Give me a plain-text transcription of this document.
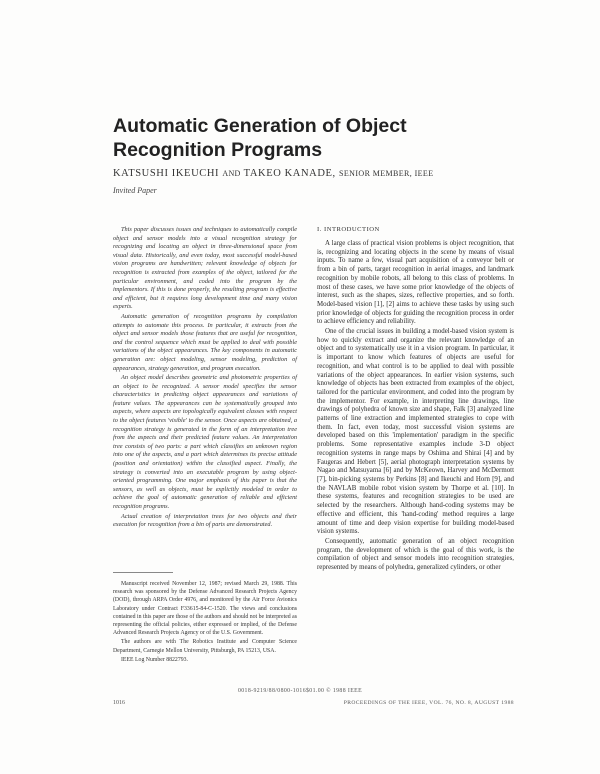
Automatic Generation of Object Recognition Programs
KATSUSHI IKEUCHI AND TAKEO KANADE, SENIOR MEMBER, IEEE
Invited Paper

This paper discusses issues and techniques to automatically compile object and sensor models into a visual recognition strategy for recognizing and locating an object in three-dimensional space from visual data. Historically, and even today, most successful model-based vision programs are handwritten; relevant knowledge of objects for recognition is extracted from examples of the object, tailored for the particular environment, and coded into the program by the implementors. If this is done properly, the resulting program is effective and efficient, but it requires long development time and many vision experts.

Automatic generation of recognition programs by compilation attempts to automate this process. In particular, it extracts from the object and sensor models those features that are useful for recognition, and the control sequence which must be applied to deal with possible variations of the object appearances. The key components in automatic generation are: object modeling, sensor modeling, prediction of appearances, strategy generation, and program execution.

An object model describes geometric and photometric properties of an object to be recognized. A sensor model specifies the sensor characteristics in predicting object appearances and variations of feature values. The appearances can be systematically grouped into aspects, where aspects are topologically equivalent classes with respect to the object features 'visible' to the sensor. Once aspects are obtained, a recognition strategy is generated in the form of an interpretation tree from the aspects and their predicted feature values. An interpretation tree consists of two parts: a part which classifies an unknown region into one of the aspects, and a part which determines its precise attitude (position and orientation) within the classified aspect. Finally, the strategy is converted into an executable program by using object-oriented programming. One major emphasis of this paper is that the sensors, as well as objects, must be explicitly modeled in order to achieve the goal of automatic generation of reliable and efficient recognition programs.

Actual creation of interpretation trees for two objects and their execution for recognition from a bin of parts are demonstrated.

Manuscript received November 12, 1987; revised March 29, 1988. This research was sponsored by the Defense Advanced Research Projects Agency (DOD), through ARPA Order 4976, and monitored by the Air Force Avionics Laboratory under Contract F33615-84-C-1520. The views and conclusions contained in this paper are those of the authors and should not be interpreted as representing the official policies, either expressed or implied, of the Defense Advanced Research Projects Agency or of the U.S. Government.

The authors are with The Robotics Institute and Computer Science Department, Carnegie Mellon University, Pittsburgh, PA 15213, USA.

IEEE Log Number 8822793.

I. INTRODUCTION

A large class of practical vision problems is object recognition, that is, recognizing and locating objects in the scene by means of visual inputs. To name a few, visual part acquisition of a conveyor belt or from a bin of parts, target recognition in aerial images, and landmark recognition by mobile robots, all belong to this class of problems. In most of these cases, we have some prior knowledge of the objects of interest, such as the shapes, sizes, reflective properties, and so forth. Model-based vision [1], [2] aims to achieve these tasks by using such prior knowledge of objects for guiding the recognition process in order to achieve efficiency and reliability.

One of the crucial issues in building a model-based vision system is how to quickly extract and organize the relevant knowledge of an object and to systematically use it in a vision program. In particular, it is important to know which features of objects are useful for recognition, and what control is to be applied to deal with possible variations of the object appearances. In earlier vision systems, such knowledge of objects has been extracted from examples of the object, tailored for the particular environment, and coded into the program by the implementor. For example, in interpreting line drawings, line drawings of polyhedra of known size and shape, Falk [3] analyzed line patterns of line extraction and implemented strategies to cope with them. In fact, even today, most successful vision systems are developed based on this 'implementation' paradigm in the specific problems. Some representative examples include 3-D object recognition systems in range maps by Oshima and Shirai [4] and by Faugeras and Hebert [5], aerial photograph interpretation systems by Nagao and Matsuyama [6] and by McKeown, Harvey and McDermott [7], bin-picking systems by Perkins [8] and Ikeuchi and Horn [9], and the NAVLAB mobile robot vision system by Thorpe et al. [10]. In these systems, features and recognition strategies to be used are selected by the researchers. Although hand-coding systems may be effective and efficient, this 'hand-coding' method requires a large amount of time and deep vision expertise for building model-based vision systems.

Consequently, automatic generation of an object recognition program, the development of which is the goal of this work, is the compilation of object and sensor models into recognition strategies, represented by means of polyhedra, generalized cylinders, or other

0018-9219/88/0800-1016$01.00 © 1988 IEEE
1016	PROCEEDINGS OF THE IEEE, VOL. 76, NO. 8, AUGUST 1988
